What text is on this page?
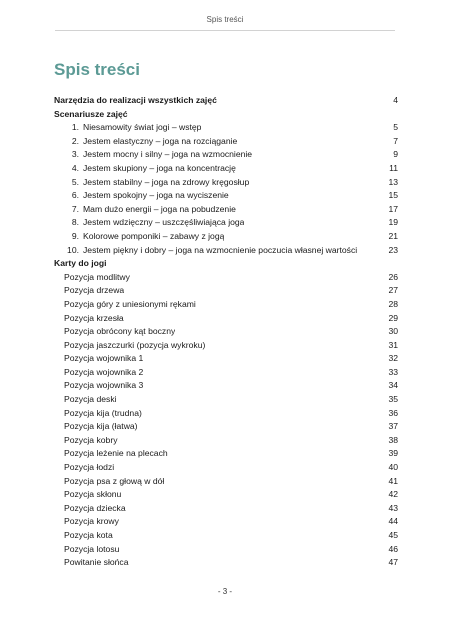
Spis treści
Spis treści
Narzędzia do realizacji wszystkich zajęć	4
Scenariusze zajęć
1. Niesamowity świat jogi – wstęp	5
2. Jestem elastyczny – joga na rozciąganie	7
3. Jestem mocny i silny – joga na wzmocnienie	9
4. Jestem skupiony – joga na koncentrację	11
5. Jestem stabilny – joga na zdrowy kręgosłup	13
6. Jestem spokojny – joga na wyciszenie	15
7. Mam dużo energii – joga na pobudzenie	17
8. Jestem wdzięczny – uszczęśliwiająca joga	19
9. Kolorowe pomponiki – zabawy z jogą	21
10. Jestem piękny i dobry – joga na wzmocnienie poczucia własnej wartości	23
Karty do jogi
Pozycja modlitwy	26
Pozycja drzewa	27
Pozycja góry z uniesionymi rękami	28
Pozycja krzesła	29
Pozycja obrócony kąt boczny	30
Pozycja jaszczurki (pozycja wykroku)	31
Pozycja wojownika 1	32
Pozycja wojownika 2	33
Pozycja wojownika 3	34
Pozycja deski	35
Pozycja kija (trudna)	36
Pozycja kija (łatwa)	37
Pozycja kobry	38
Pozycja leżenie na plecach	39
Pozycja łodzi	40
Pozycja psa z głową w dół	41
Pozycja skłonu	42
Pozycja dziecka	43
Pozycja krowy	44
Pozycja kota	45
Pozycja lotosu	46
Powitanie słońca	47
- 3 -
